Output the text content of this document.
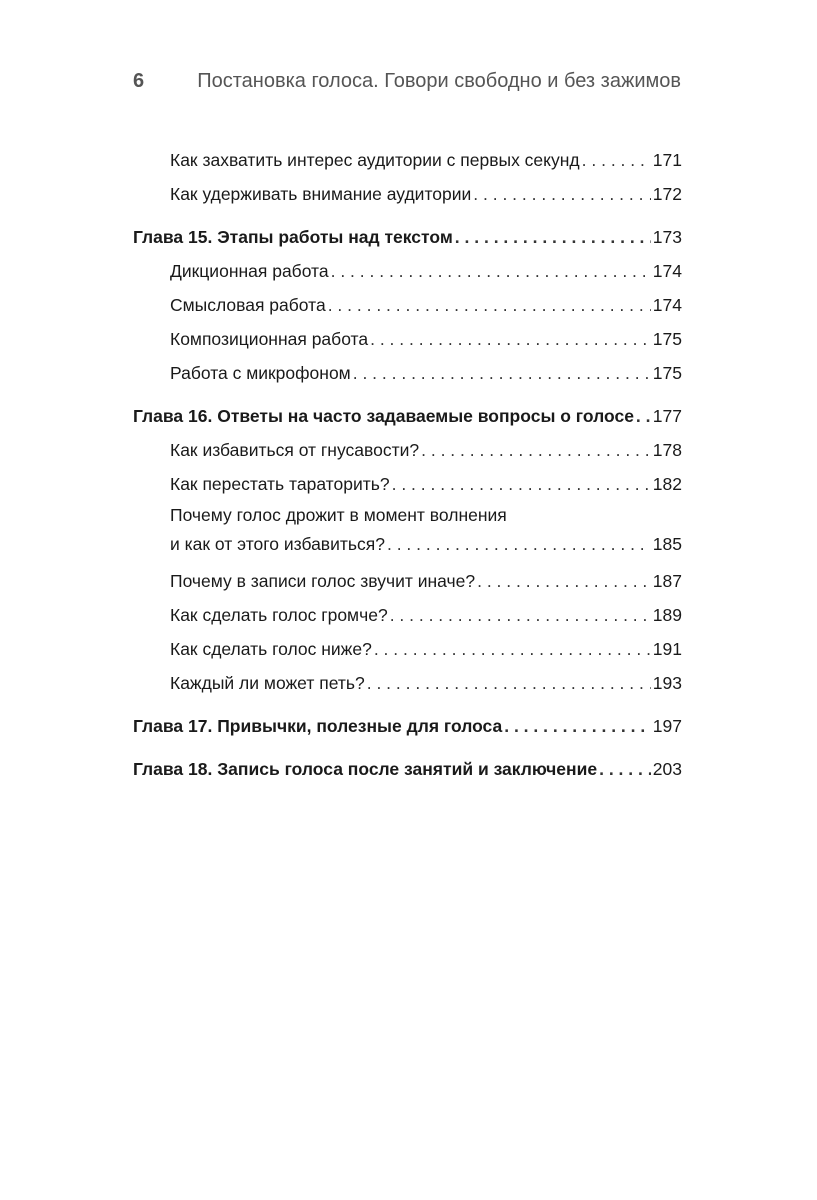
6	Постановка голоса. Говори свободно и без зажимов
Как захватить интерес аудитории с первых секунд . . .	171
Как удерживать внимание аудитории . . .	172
Глава 15. Этапы работы над текстом . . .	173
Дикционная работа . . .	174
Смысловая работа . . .	174
Композиционная работа . . .	175
Работа с микрофоном . . .	175
Глава 16. Ответы на часто задаваемые вопросы о голосе . . . 177
Как избавиться от гнусавости? . . .	178
Как перестать тараторить? . . .	182
Почему голос дрожит в момент волнения
и как от этого избавиться? . . .	185
Почему в записи голос звучит иначе? . . .	187
Как сделать голос громче? . . .	189
Как сделать голос ниже? . . .	191
Каждый ли может петь? . . .	193
Глава 17. Привычки, полезные для голоса . . .	197
Глава 18. Запись голоса после занятий и заключение . . .	203
